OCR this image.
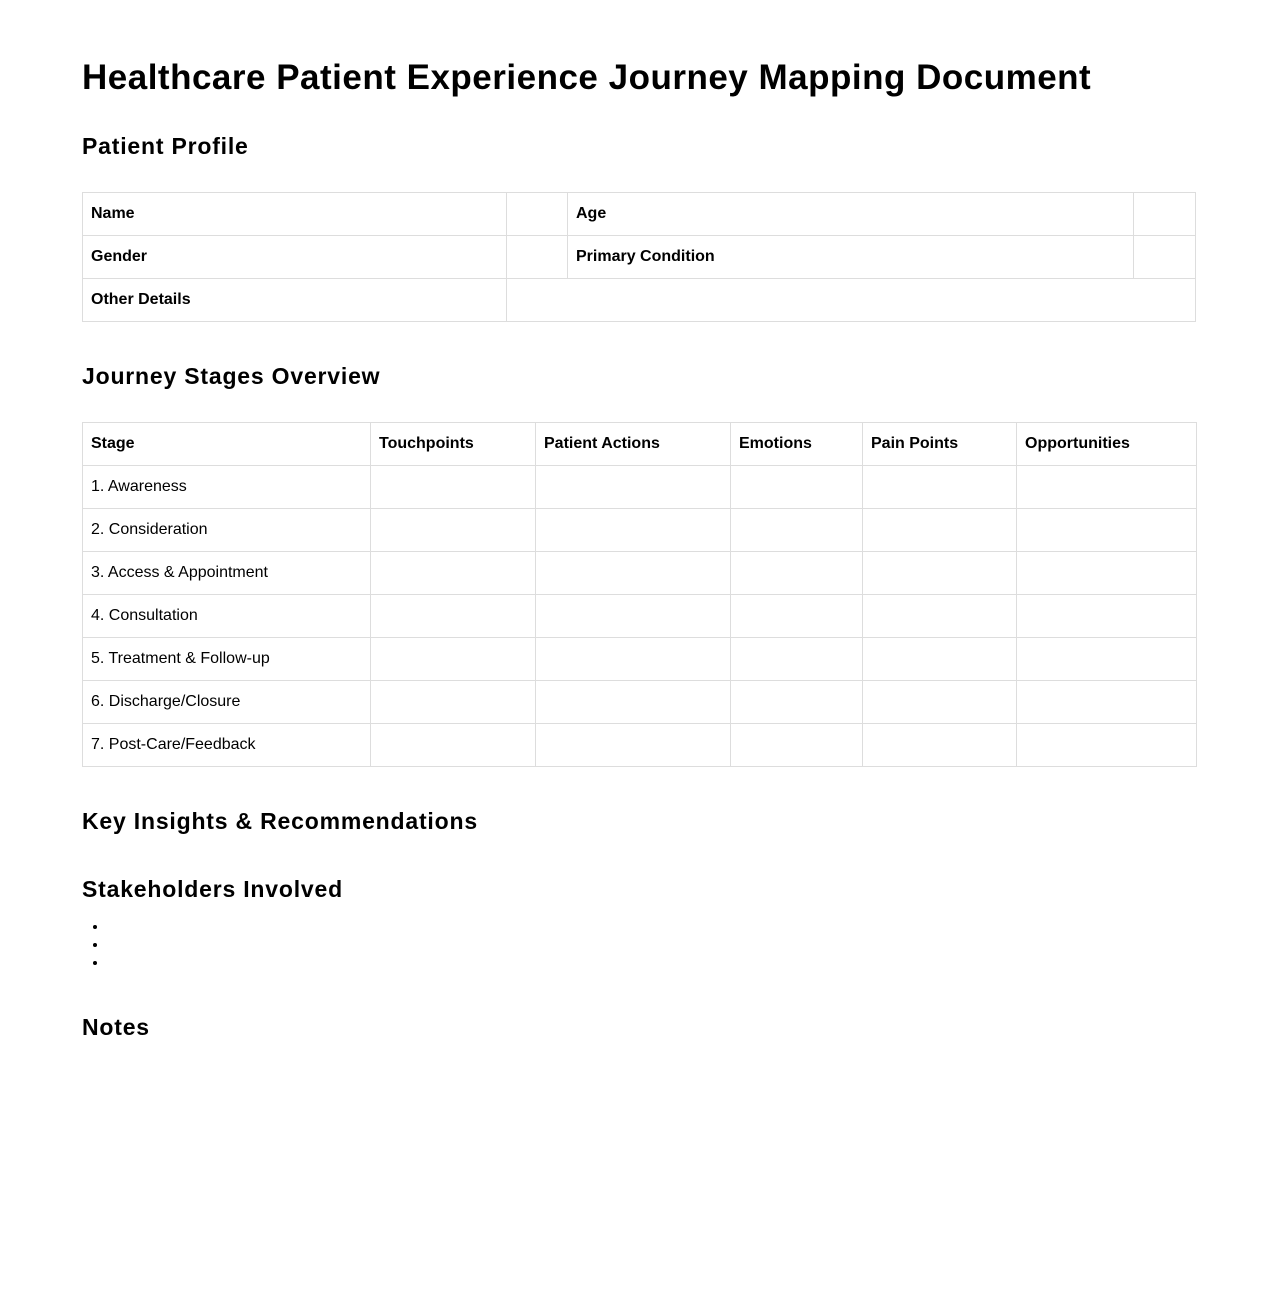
Healthcare Patient Experience Journey Mapping Document
Patient Profile
Name		Age	
Gender		Primary Condition	
Other Details			
Journey Stages Overview
Stage	Touchpoints	Patient Actions	Emotions	Pain Points	Opportunities
1. Awareness					
2. Consideration					
3. Access & Appointment					
4. Consultation					
5. Treatment & Follow-up					
6. Discharge/Closure					
7. Post-Care/Feedback					
Key Insights & Recommendations
Stakeholders Involved
Notes
